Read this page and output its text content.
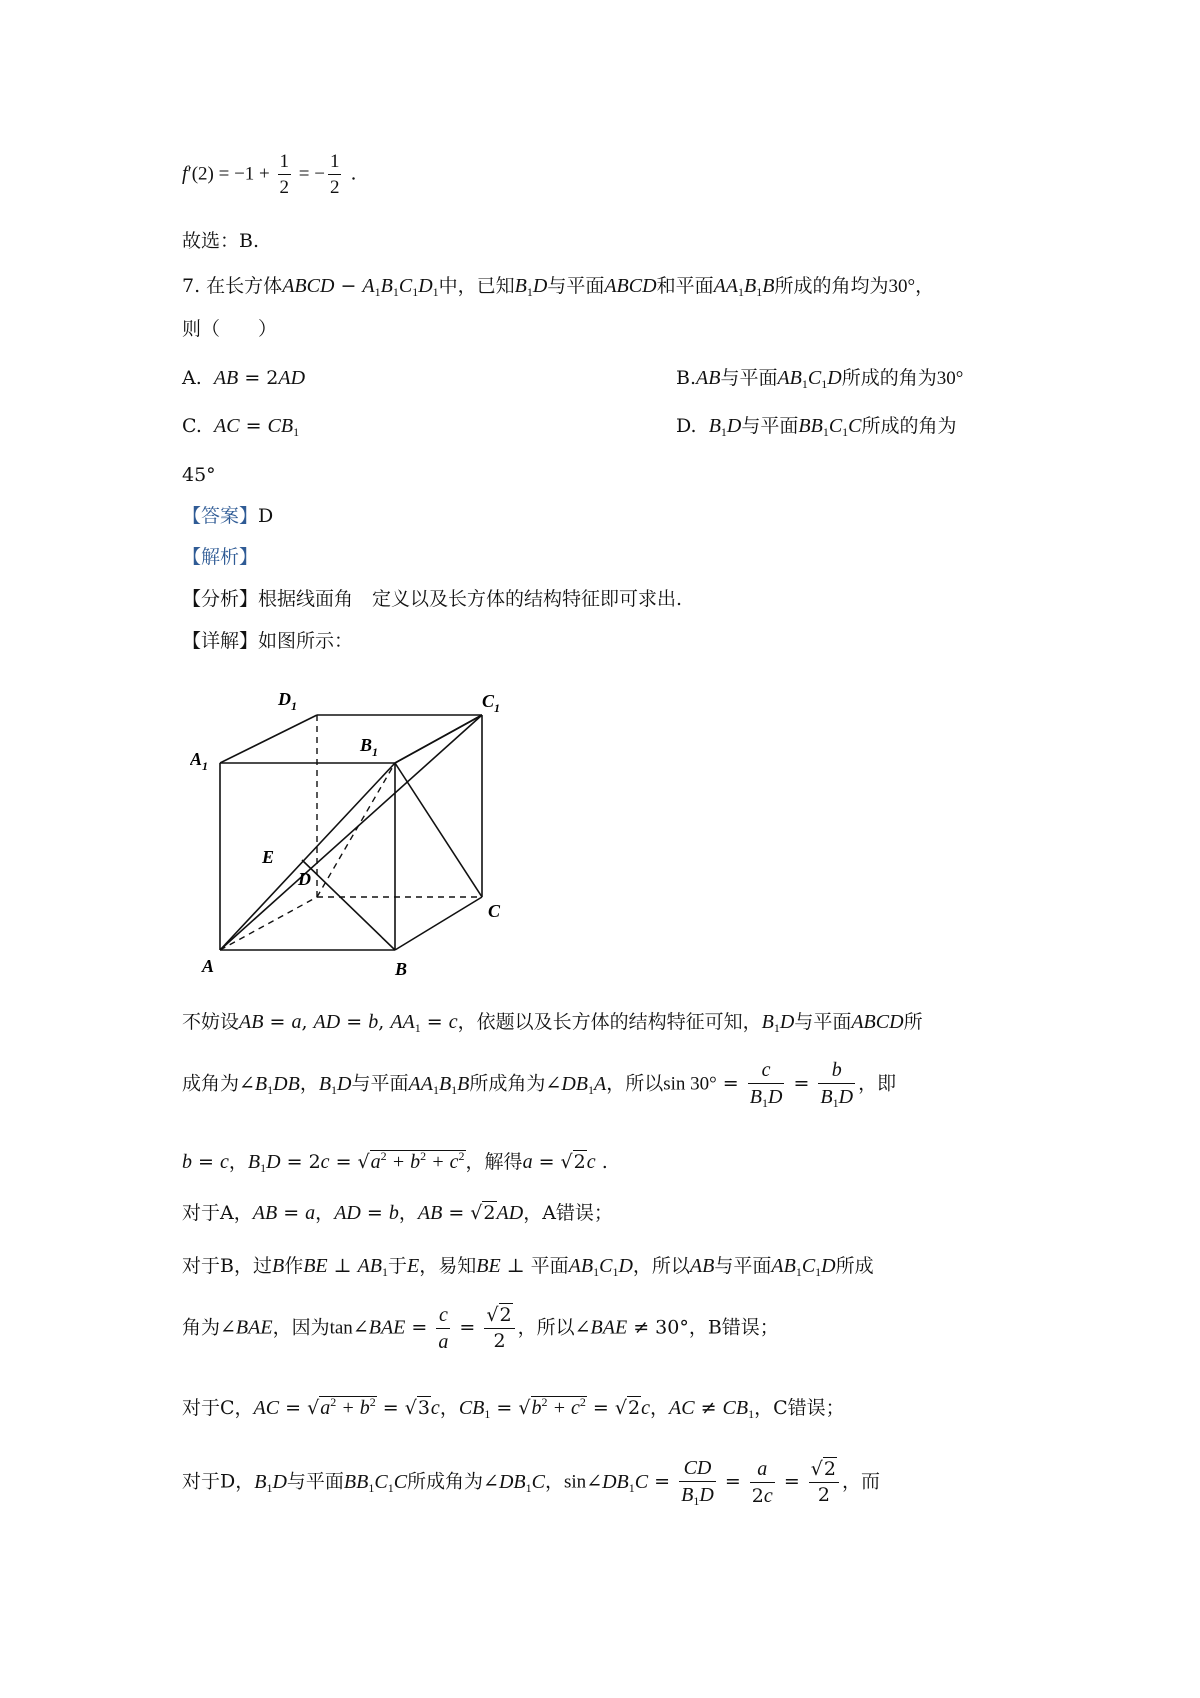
$f'(2) = -1 + \frac{1}{2}$ = − $\frac{1}{2}$ .
故选：B.
7. 在长方体ABCD − $A_1B_1C_1D_1$中，已知$B_1D$与平面ABCD和平面$AA_1B_1B$所成的角均为30°，
则（　　）
A.  AB = 2AD	B.AB与平面$AB_1C_1D$所成的角为30°
C.  AC = $CB_1$	D.  $B_1D$与平面$BB_1C_1C$所成的角为
45°
【答案】D
【解析】
【分析】根据线面角　定义以及长方体的结构特征即可求出.
【详解】如图所示：
$D_1$	$C_1$
$A_1$
$B_1$
E
D
C
A	B
不妨设AB = a, AD = b, $AA_1 = c$，依题以及长方体的结构特征可知，$B_1D$与平面ABCD所
成角为$\angle B_1DB$，$B_1D$与平面$AA_1B_1B$所成角为$\angle DB_1A$，所以$\sin 30^\circ = \frac{c}{B_1D} = \frac{b}{B_1D}$ ，即
b = c，$B_1D = 2c = √a^2 + b^2 + c^2$，解得a = √2c .
对于A，AB = a，AD = b，AB = √2AD，A错误；
对于B，过B作BE ⊥ $AB_1$于E，易知BE ⊥ 平面$AB_1C_1D$，所以AB与平面$AB_1C_1D$所成
角为∠BAE，因为tan∠BAE = $\frac{c}{a} = \frac{√2}{2}$ ，所以∠BAE ≠ 30°，B错误；
对于C，AC = $√a^2 + b^2 = √3c$，$CB_1 = √b^2 + c^2 = √2c$，AC ≠ $CB_1$，C错误；
对于D，$B_1D$与平面$BB_1C_1C$所成角为$\angle DB_1C$，$\sin\angle DB_1C = \frac{CD}{B_1D} = \frac{a}{2c} = \frac{√2}{2}$ ，而
